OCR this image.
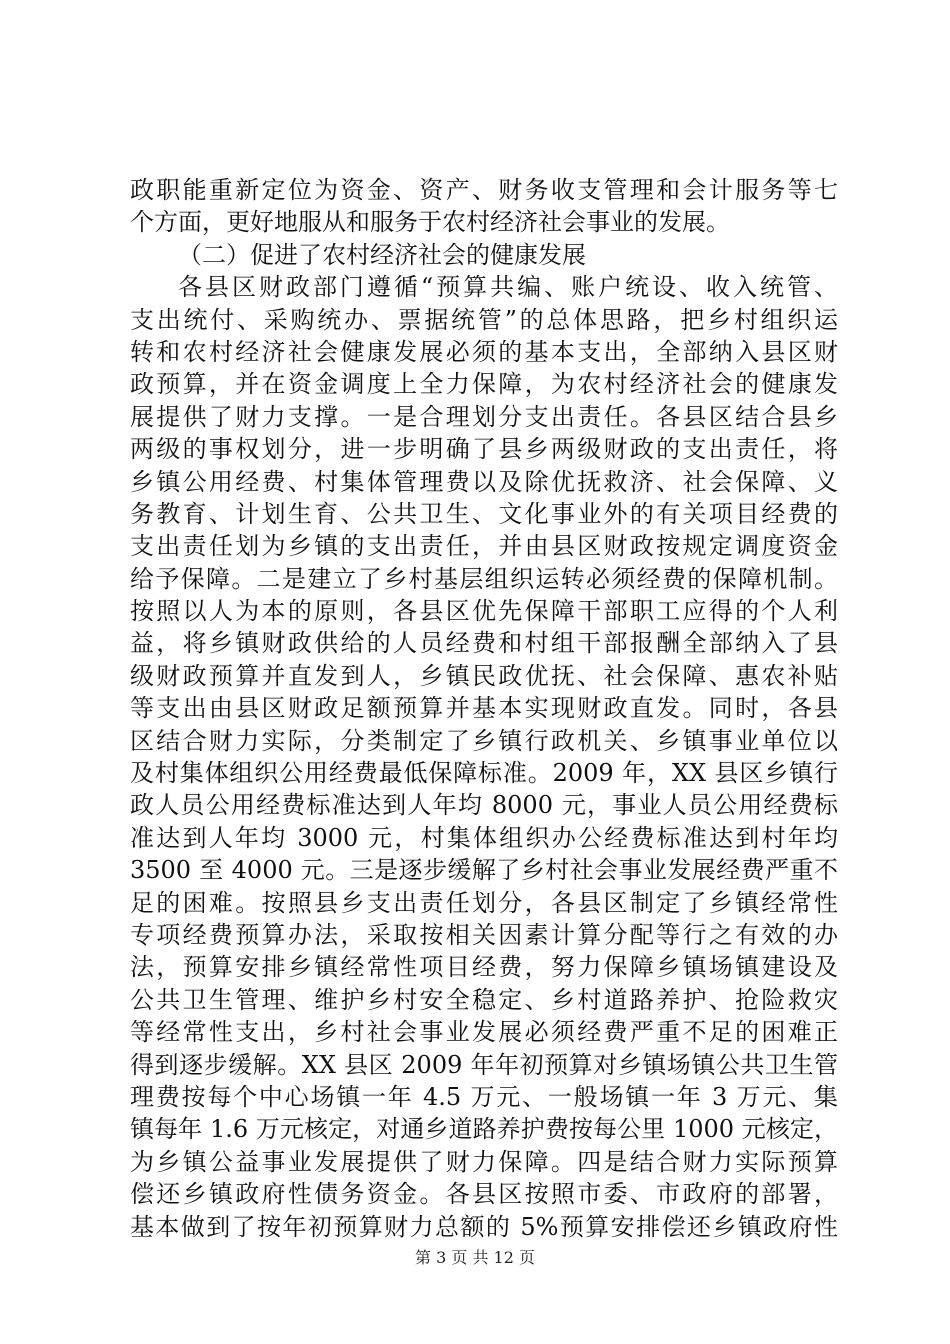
政职能重新定位为资金、资产、财务收支管理和会计服务等七
个方面，更好地服从和服务于农村经济社会事业的发展。
（二）促进了农村经济社会的健康发展
各县区财政部门遵循“预算共编、账户统设、收入统管、
支出统付、采购统办、票据统管”的总体思路，把乡村组织运
转和农村经济社会健康发展必须的基本支出，全部纳入县区财
政预算，并在资金调度上全力保障，为农村经济社会的健康发
展提供了财力支撑。一是合理划分支出责任。各县区结合县乡
两级的事权划分，进一步明确了县乡两级财政的支出责任，将
乡镇公用经费、村集体管理费以及除优抚救济、社会保障、义
务教育、计划生育、公共卫生、文化事业外的有关项目经费的
支出责任划为乡镇的支出责任，并由县区财政按规定调度资金
给予保障。二是建立了乡村基层组织运转必须经费的保障机制。
按照以人为本的原则，各县区优先保障干部职工应得的个人利
益，将乡镇财政供给的人员经费和村组干部报酬全部纳入了县
级财政预算并直发到人，乡镇民政优抚、社会保障、惠农补贴
等支出由县区财政足额预算并基本实现财政直发。同时，各县
区结合财力实际，分类制定了乡镇行政机关、乡镇事业单位以
及村集体组织公用经费最低保障标准。2009 年，XX 县区乡镇行
政人员公用经费标准达到人年均 8000 元，事业人员公用经费标
准达到人年均 3000 元，村集体组织办公经费标准达到村年均
3500 至 4000 元。三是逐步缓解了乡村社会事业发展经费严重不
足的困难。按照县乡支出责任划分，各县区制定了乡镇经常性
专项经费预算办法，采取按相关因素计算分配等行之有效的办
法，预算安排乡镇经常性项目经费，努力保障乡镇场镇建设及
公共卫生管理、维护乡村安全稳定、乡村道路养护、抢险救灾
等经常性支出，乡村社会事业发展必须经费严重不足的困难正
得到逐步缓解。XX 县区 2009 年年初预算对乡镇场镇公共卫生管
理费按每个中心场镇一年 4.5 万元、一般场镇一年 3 万元、集
镇每年 1.6 万元核定，对通乡道路养护费按每公里 1000 元核定，
为乡镇公益事业发展提供了财力保障。四是结合财力实际预算
偿还乡镇政府性债务资金。各县区按照市委、市政府的部署，
基本做到了按年初预算财力总额的 5%预算安排偿还乡镇政府性
第 3 页 共 12 页
